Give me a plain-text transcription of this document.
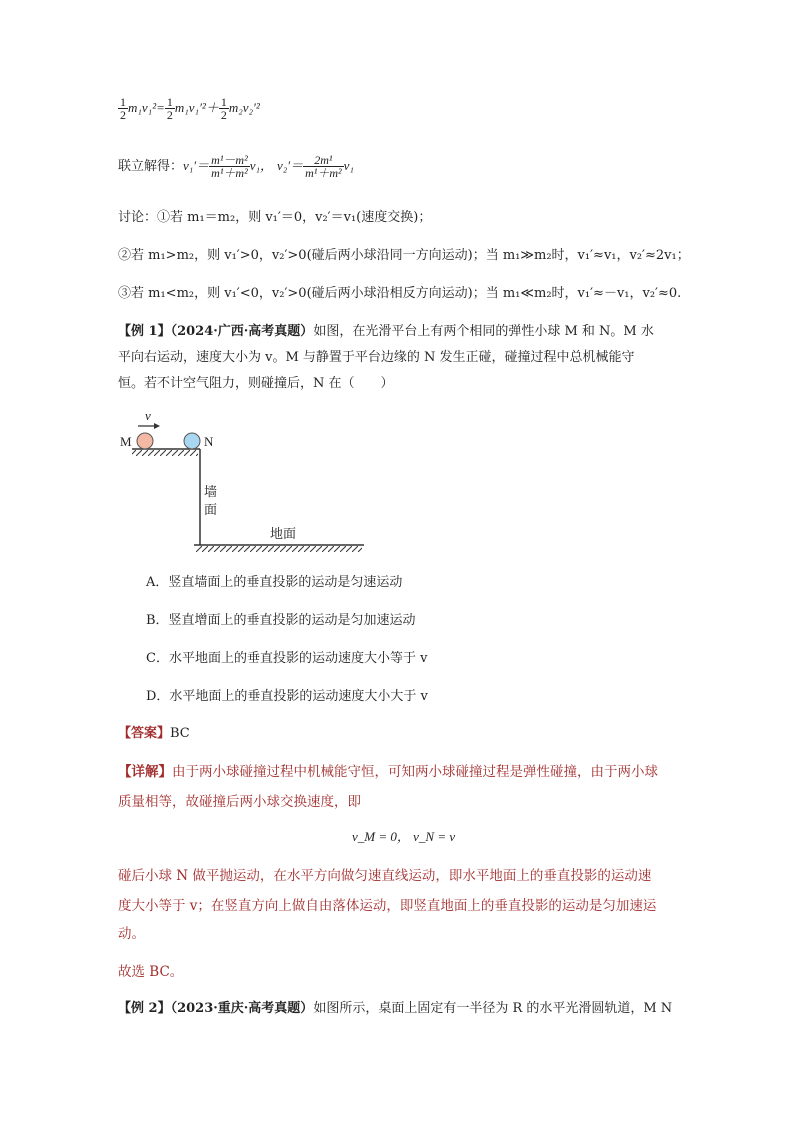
$\frac{1}{2} m_1v_1^2= \frac{1}{2} m_1v_1'^2+ \frac{1}{2} m_2v_2'^2$
联立解得：$v_1'= \frac{\text{m¹－m²}}{\text{m¹＋m²}} v_1$， $v_2'= \frac{\text{2m¹}}{\text{m¹＋m²}} v_1$
讨论：①若 m₁＝m₂，则 v₁′＝0，v₂′＝v₁(速度交换)；
②若 m₁>m₂，则 v₁′>0，v₂′>0(碰后两小球沿同一方向运动)；当 m₁≫m₂时，v₁′≈v₁，v₂′≈2v₁；
③若 m₁<m₂，则 v₁′<0，v₂′>0(碰后两小球沿相反方向运动)；当 m₁≪m₂时，v₁′≈－v₁，v₂′≈0.
【例 1】（2024·广西·高考真题）如图，在光滑平台上有两个相同的弹性小球 M 和 N。M 水
平向右运动，速度大小为 v。M 与静置于平台边缘的 N 发生正碰，碰撞过程中总机械能守
恒。若不计空气阻力，则碰撞后，N 在（　　）
v
M	N
墙
面
地面
A．竖直墙面上的垂直投影的运动是匀速运动
B．竖直增面上的垂直投影的运动是匀加速运动
C．水平地面上的垂直投影的运动速度大小等于 v
D．水平地面上的垂直投影的运动速度大小大于 v
【答案】BC
【详解】由于两小球碰撞过程中机械能守恒，可知两小球碰撞过程是弹性碰撞，由于两小球
质量相等，故碰撞后两小球交换速度，即
v_M = 0， v_N = v
碰后小球 N 做平抛运动，在水平方向做匀速直线运动，即水平地面上的垂直投影的运动速
度大小等于 v；在竖直方向上做自由落体运动，即竖直地面上的垂直投影的运动是匀加速运
动。
故选 BC。
【例 2】（2023·重庆·高考真题）如图所示，桌面上固定有一半径为 R 的水平光滑圆轨道，M N
